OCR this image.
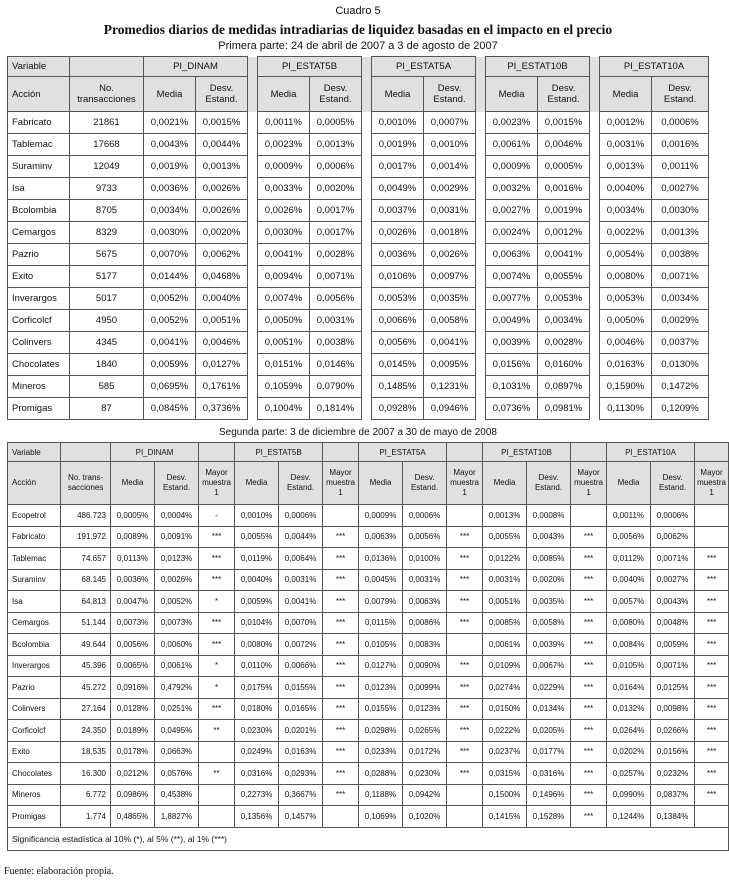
Cuadro 5
Promedios diarios de medidas intradiarias de liquidez basadas en el impacto en el precio
Primera parte: 24 de abril de 2007 a 3 de agosto de 2007
Variable		PI_DINAM			PI_ESTAT5B			PI_ESTAT5A			PI_ESTAT10B			PI_ESTAT10A	
Acción	No. transacciones	Media	Desv. Estand.		Media	Desv. Estand.		Media	Desv. Estand.		Media	Desv. Estand.		Media	Desv. Estand.
Fabricato	21861	0,0021%	0,0015%		0,0011%	0,0005%		0,0010%	0,0007%		0,0023%	0,0015%		0,0012%	0,0006%
Tablemac	17668	0,0043%	0,0044%		0,0023%	0,0013%		0,0019%	0,0010%		0,0061%	0,0046%		0,0031%	0,0016%
Suraminv	12049	0,0019%	0,0013%		0,0009%	0,0006%		0,0017%	0,0014%		0,0009%	0,0005%		0,0013%	0,0011%
Isa	9733	0,0036%	0,0026%		0,0033%	0,0020%		0,0049%	0,0029%		0,0032%	0,0016%		0,0040%	0,0027%
Bcolombia	8705	0,0034%	0,0026%		0,0026%	0,0017%		0,0037%	0,0031%		0,0027%	0,0019%		0,0034%	0,0030%
Cemargos	8329	0,0030%	0,0020%		0,0030%	0,0017%		0,0026%	0,0018%		0,0024%	0,0012%		0,0022%	0,0013%
Pazrio	5675	0,0070%	0,0062%		0,0041%	0,0028%		0,0036%	0,0026%		0,0063%	0,0041%		0,0054%	0,0038%
Exito	5177	0,0144%	0,0468%		0,0094%	0,0071%		0,0106%	0,0097%		0,0074%	0,0055%		0,0080%	0,0071%
Inverargos	5017	0,0052%	0,0040%		0,0074%	0,0056%		0,0053%	0,0035%		0,0077%	0,0053%		0,0053%	0,0034%
Corficolcf	4950	0,0052%	0,0051%		0,0050%	0,0031%		0,0066%	0,0058%		0,0049%	0,0034%		0,0050%	0,0029%
Colinvers	4345	0,0041%	0,0046%		0,0051%	0,0038%		0,0056%	0,0041%		0,0039%	0,0028%		0,0046%	0,0037%
Chocolates	1840	0,0059%	0,0127%		0,0151%	0,0146%		0,0145%	0,0095%		0,0156%	0,0160%		0,0163%	0,0130%
Mineros	585	0,0695%	0,1761%		0,1059%	0,0790%		0,1485%	0,1231%		0,1031%	0,0897%		0,1590%	0,1472%
Promigas	87	0,0845%	0,3736%		0,1004%	0,1814%		0,0928%	0,0946%		0,0736%	0,0981%		0,1130%	0,1209%
Segunda parte: 3 de diciembre de 2007 a 30 de mayo de 2008
Variable		PI_DINAM			PI_ESTAT5B			PI_ESTAT5A			PI_ESTAT10B			PI_ESTAT10A		
Acción	No. trans- sacciones	Media	Desv. Estand.	Mayor muestra 1	Media	Desv. Estand.	Mayor muestra 1	Media	Desv. Estand.	Mayor muestra 1	Media	Desv. Estand.	Mayor muestra 1	Media	Desv. Estand.	Mayor muestra 1
Ecopetrol	486.723	0,0005%	0,0004%	-	0,0010%	0,0006%		0,0009%	0,0006%		0,0013%	0,0008%		0,0011%	0,0006%	
Fabricato	191.972	0,0089%	0,0091%	***	0,0055%	0,0044%	***	0,0063%	0,0056%	***	0,0055%	0,0043%	***	0,0056%	0,0062%	
Tablemac	74.657	0,0113%	0,0123%	***	0,0119%	0,0064%	***	0,0136%	0,0100%	***	0,0122%	0,0085%	***	0,0112%	0,0071%	***
Suraminv	68.145	0,0036%	0,0026%	***	0,0040%	0,0031%	***	0,0045%	0,0031%	***	0,0031%	0,0020%	***	0,0040%	0,0027%	***
Isa	64.813	0,0047%	0,0052%	*	0,0059%	0,0041%	***	0,0079%	0,0063%	***	0,0051%	0,0035%	***	0,0057%	0,0043%	***
Cemargos	51.144	0,0073%	0,0073%	***	0,0104%	0,0070%	***	0,0115%	0,0086%	***	0,0085%	0,0058%	***	0,0080%	0,0048%	***
Bcolombia	49.644	0,0056%	0,0060%	***	0,0080%	0,0072%	***	0,0105%	0,0083%		0,0061%	0,0039%	***	0,0084%	0,0059%	***
Inverargos	45.396	0,0065%	0,0061%	*	0,0110%	0,0066%	***	0,0127%	0,0090%	***	0,0109%	0,0067%	***	0,0105%	0,0071%	***
Pazrio	45.272	0,0916%	0,4792%	*	0,0175%	0,0155%	***	0,0123%	0,0099%	***	0,0274%	0,0229%	***	0,0164%	0,0125%	***
Colinvers	27.164	0,0128%	0,0251%	***	0,0180%	0,0165%	***	0,0155%	0,0123%	***	0,0150%	0,0134%	***	0,0132%	0,0098%	***
Corficolcf	24.350	0,0189%	0,0495%	**	0,0230%	0,0201%	***	0,0298%	0,0265%	***	0,0222%	0,0205%	***	0,0264%	0,0266%	***
Exito	18.535	0,0178%	0,0663%		0,0249%	0,0163%	***	0,0233%	0,0172%	***	0,0237%	0,0177%	***	0,0202%	0,0156%	***
Chocolates	16.300	0,0212%	0,0576%	**	0,0316%	0,0293%	***	0,0288%	0,0230%	***	0,0315%	0,0316%	***	0,0257%	0,0232%	***
Mineros	6.772	0,0986%	0,4538%		0,2273%	0,3667%	***	0,1188%	0,0942%		0,1500%	0,1496%	***	0,0990%	0,0837%	***
Promigas	1.774	0,4865%	1,8827%		0,1356%	0,1457%		0,1069%	0,1020%		0,1415%	0,1528%	***	0,1244%	0,1384%	
Significancia estadística al 10% (*), al 5% (**), al 1% (***)																
Fuente: elaboración propia.
